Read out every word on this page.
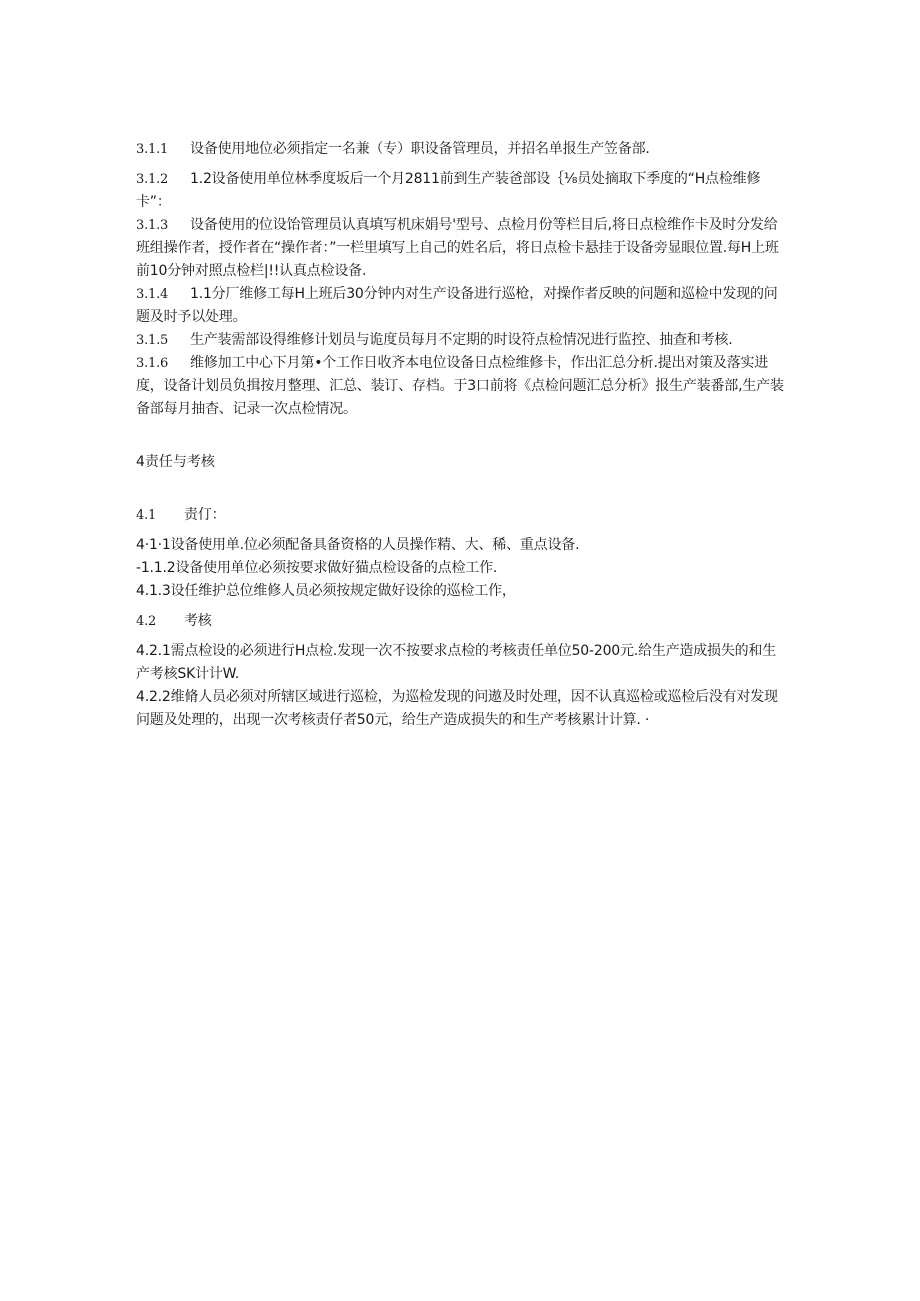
3.1.1 设备使用地位必须指定一名兼（专）职设备管理员，并招名单报生产笠备部.

3.1.2 1.2设备使用单位林季度坂后一个月2811前到生产装爸部设｛⅛员处摘取下季度的“H点检维修卡”：

3.1.3 设备使用的位设饴管理员认真填写机床娟号'型号、点检月份等栏目后,将日点检维作卡及时分发给班组操作者，授作者在“操作者：”一栏里填写上自己的姓名后，将日点检卡悬挂于设备旁显眼位置.每H上班前10分钟对照点检栏|!!认真点检设备.

3.1.4 1.1分厂维修工每H上班后30分钟内对生产设备进行巡枪，对操作者反映的问题和巡检中发现的问题及时予以处理。

3.1.5 生产装需部设得维修计划员与诡度员每月不定期的时设符点检情况进行监控、抽查和考核.

3.1.6 维修加工中心下月第•个工作日收齐本电位设备日点检维修卡，作出汇总分析.提出对策及落实进度，设备计划员负揖按月整理、汇总、装订、存档。于3口前将《点检问题汇总分析》报生产装番部,生产装备部每月抽杳、记录一次点检情况。

4责任与考核

4.1 责仃：

4·1·1设备使用单.位必须配备具备资格的人员操作精、大、稀、重点设备.

-1.1.2设备使用单位必须按要求做好猫点检设备的点检工作.

4.1.3设任维护总位维修人员必须按规定做好设徐的巡检工作，

4.2 考核

4.2.1需点检设的必须进行H点检.发现一次不按要求点检的考核责任单位50-200元.给生产造成损失的和生产考核SK计计W.

4.2.2维脩人员必须对所辖区域进行巡检，为巡检发现的问遨及时处理，因不认真巡检或巡检后没有对发现问题及处理的，出现一次考核责仔者50元，给生产造成损失的和生产考核累计计算. ·
